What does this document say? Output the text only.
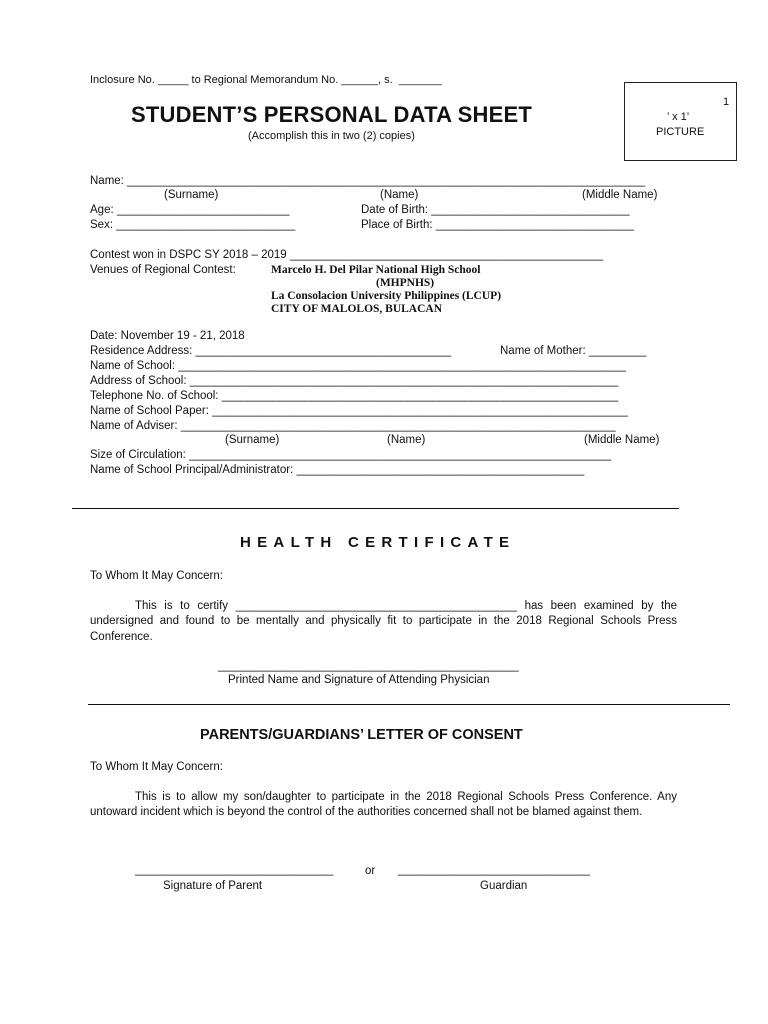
Inclosure No. _____ to Regional Memorandum No. ______, s.  _______
STUDENT’S PERSONAL DATA SHEET
(Accomplish this in two (2) copies)
1
’ x 1’
PICTURE
Name: _________________________________________________________________________________
(Surname)	(Name)	(Middle Name)
Age: ___________________________	Date of Birth: _______________________________
Sex: ____________________________	Place of Birth: _______________________________
Contest won in DSPC SY 2018 – 2019 _________________________________________________
Venues of Regional Contest:	Marcelo H. Del Pilar National High School
(MHPNHS)
La Consolacion University Philippines (LCUP)
CITY OF MALOLOS, BULACAN
Date: November 19 - 21, 2018
Residence Address: ________________________________________	Name of Mother: _________
Name of School: ______________________________________________________________________
Address of School: ___________________________________________________________________
Telephone No. of School: ______________________________________________________________
Name of School Paper: _________________________________________________________________
Name of Adviser: ____________________________________________________________________
(Surname)	(Name)	(Middle Name)
Size of Circulation: __________________________________________________________________
Name of School Principal/Administrator: _____________________________________________
HEALTH CERTIFICATE
To Whom It May Concern:
This is to certify ____________________________________________ has been examined by the undersigned and found to be mentally and physically fit to participate in the 2018 Regional Schools Press Conference.
_______________________________________________
Printed Name and Signature of Attending Physician
PARENTS/GUARDIANS’ LETTER OF CONSENT
To Whom It May Concern:
This is to allow my son/daughter to participate in the 2018 Regional Schools Press Conference. Any untoward incident which is beyond the control of the authorities concerned shall not be blamed against them.
_______________________________	or ______________________________
Signature of Parent	Guardian
